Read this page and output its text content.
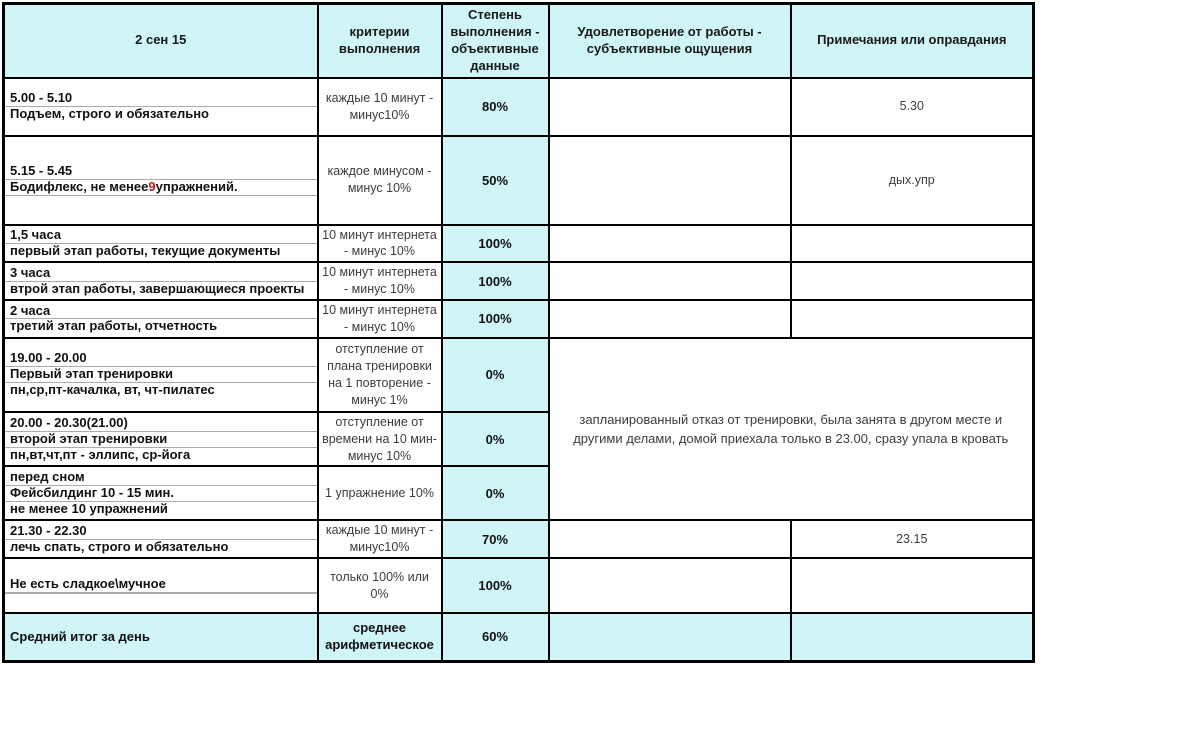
2 сен 15	критерии выполнения	Степень выполнения - объективные данные	Удовлетворение от работы - субъективные ощущения	Примечания или оправдания

5.00 - 5.10
Подъем, строго и обязательно	каждые 10 минут - минус10%	80%		5.30

5.15 - 5.45
Бодифлекс, не менее 9 упражнений.	каждое минусом - минус 10%	50%		дых.упр

1,5 часа
первый этап работы, текущие документы	10 минут интернета - минус 10%	100%		

3 часа
втрой этап работы, завершающиеся проекты	10 минут интернета - минус 10%	100%		

2 часа
третий этап работы, отчетность	10 минут интернета - минус 10%	100%		

19.00 - 20.00
Первый этап тренировки
пн,ср,пт-качалка, вт, чт-пилатес	отступление от плана тренировки на 1 повторение - минус 1%	0%	запланированный отказ от тренировки, была занята в другом месте и другими делами, домой приехала только в 23.00, сразу упала в кровать	

20.00 - 20.30(21.00)
второй этап тренировки
пн,вт,чт,пт - эллипс, ср-йога	отступление от времени на 10 мин- минус 10%	0%		

перед сном
Фейсбилдинг 10 - 15 мин.
не менее 10 упражнений	1 упражнение 10%	0%		

21.30 - 22.30
лечь спать, строго и обязательно	каждые 10 минут - минус10%	70%		23.15

Не есть сладкое\мучное	только 100% или 0%	100%		
Средний итог за день	среднее арифметическое	60%		
